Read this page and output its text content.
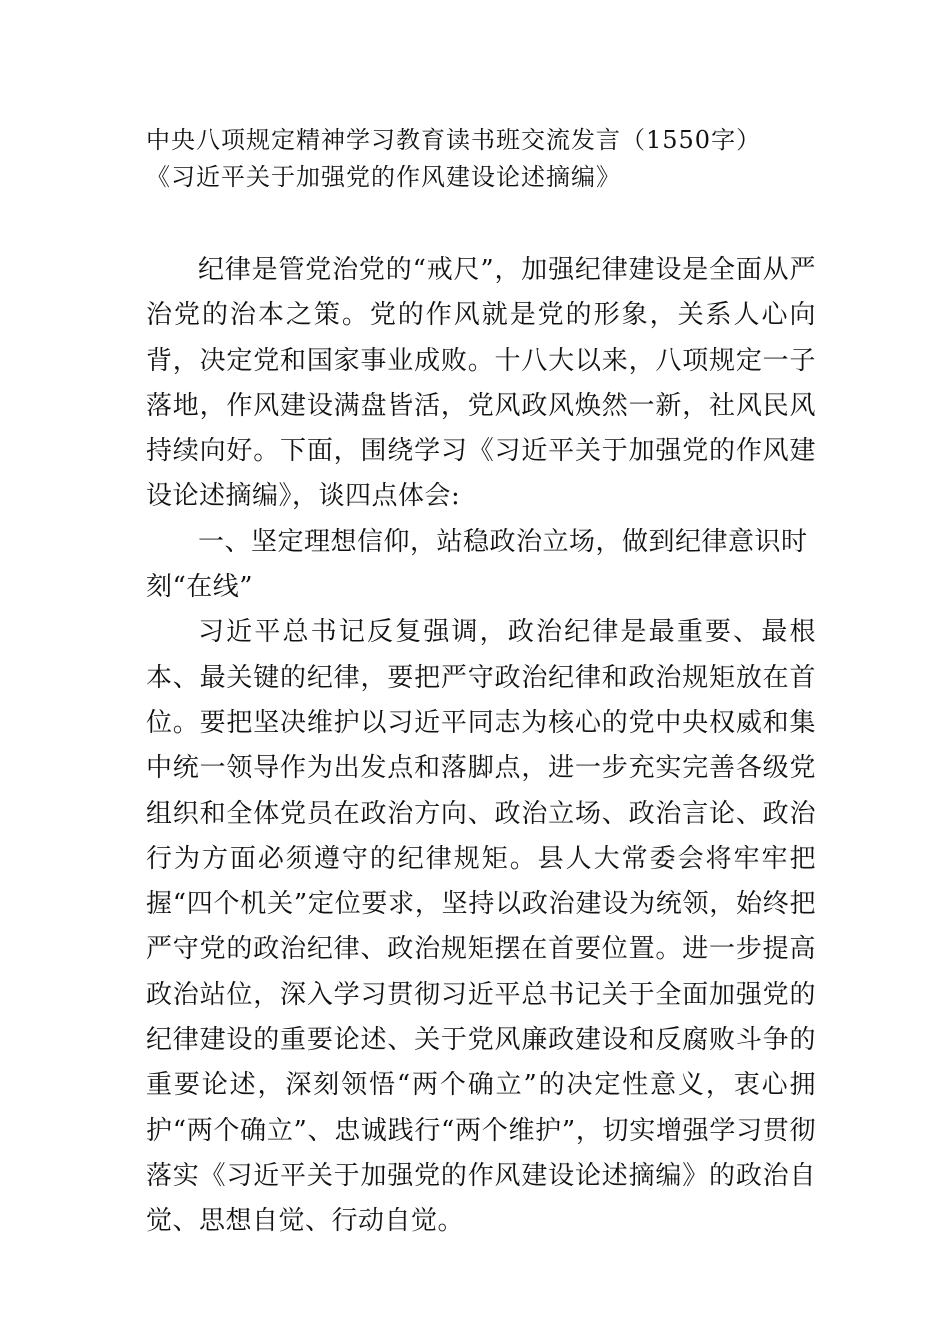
中央八项规定精神学习教育读书班交流发言（1550字）
《习近平关于加强党的作风建设论述摘编》

纪律是管党治党的“戒尺”，加强纪律建设是全面从严治党的治本之策。党的作风就是党的形象，关系人心向背，决定党和国家事业成败。十八大以来，八项规定一子落地，作风建设满盘皆活，党风政风焕然一新，社风民风持续向好。下面，围绕学习《习近平关于加强党的作风建设论述摘编》，谈四点体会:

一、坚定理想信仰，站稳政治立场，做到纪律意识时刻“在线”

习近平总书记反复强调，政治纪律是最重要、最根本、最关键的纪律，要把严守政治纪律和政治规矩放在首位。要把坚决维护以习近平同志为核心的党中央权威和集中统一领导作为出发点和落脚点，进一步充实完善各级党组织和全体党员在政治方向、政治立场、政治言论、政治行为方面必须遵守的纪律规矩。县人大常委会将牢牢把握“四个机关”定位要求，坚持以政治建设为统领，始终把严守党的政治纪律、政治规矩摆在首要位置。进一步提高政治站位，深入学习贯彻习近平总书记关于全面加强党的纪律建设的重要论述、关于党风廉政建设和反腐败斗争的重要论述，深刻领悟“两个确立”的决定性意义，衷心拥护“两个确立”、忠诚践行“两个维护”，切实增强学习贯彻落实《习近平关于加强党的作风建设论述摘编》的政治自觉、思想自觉、行动自觉。
